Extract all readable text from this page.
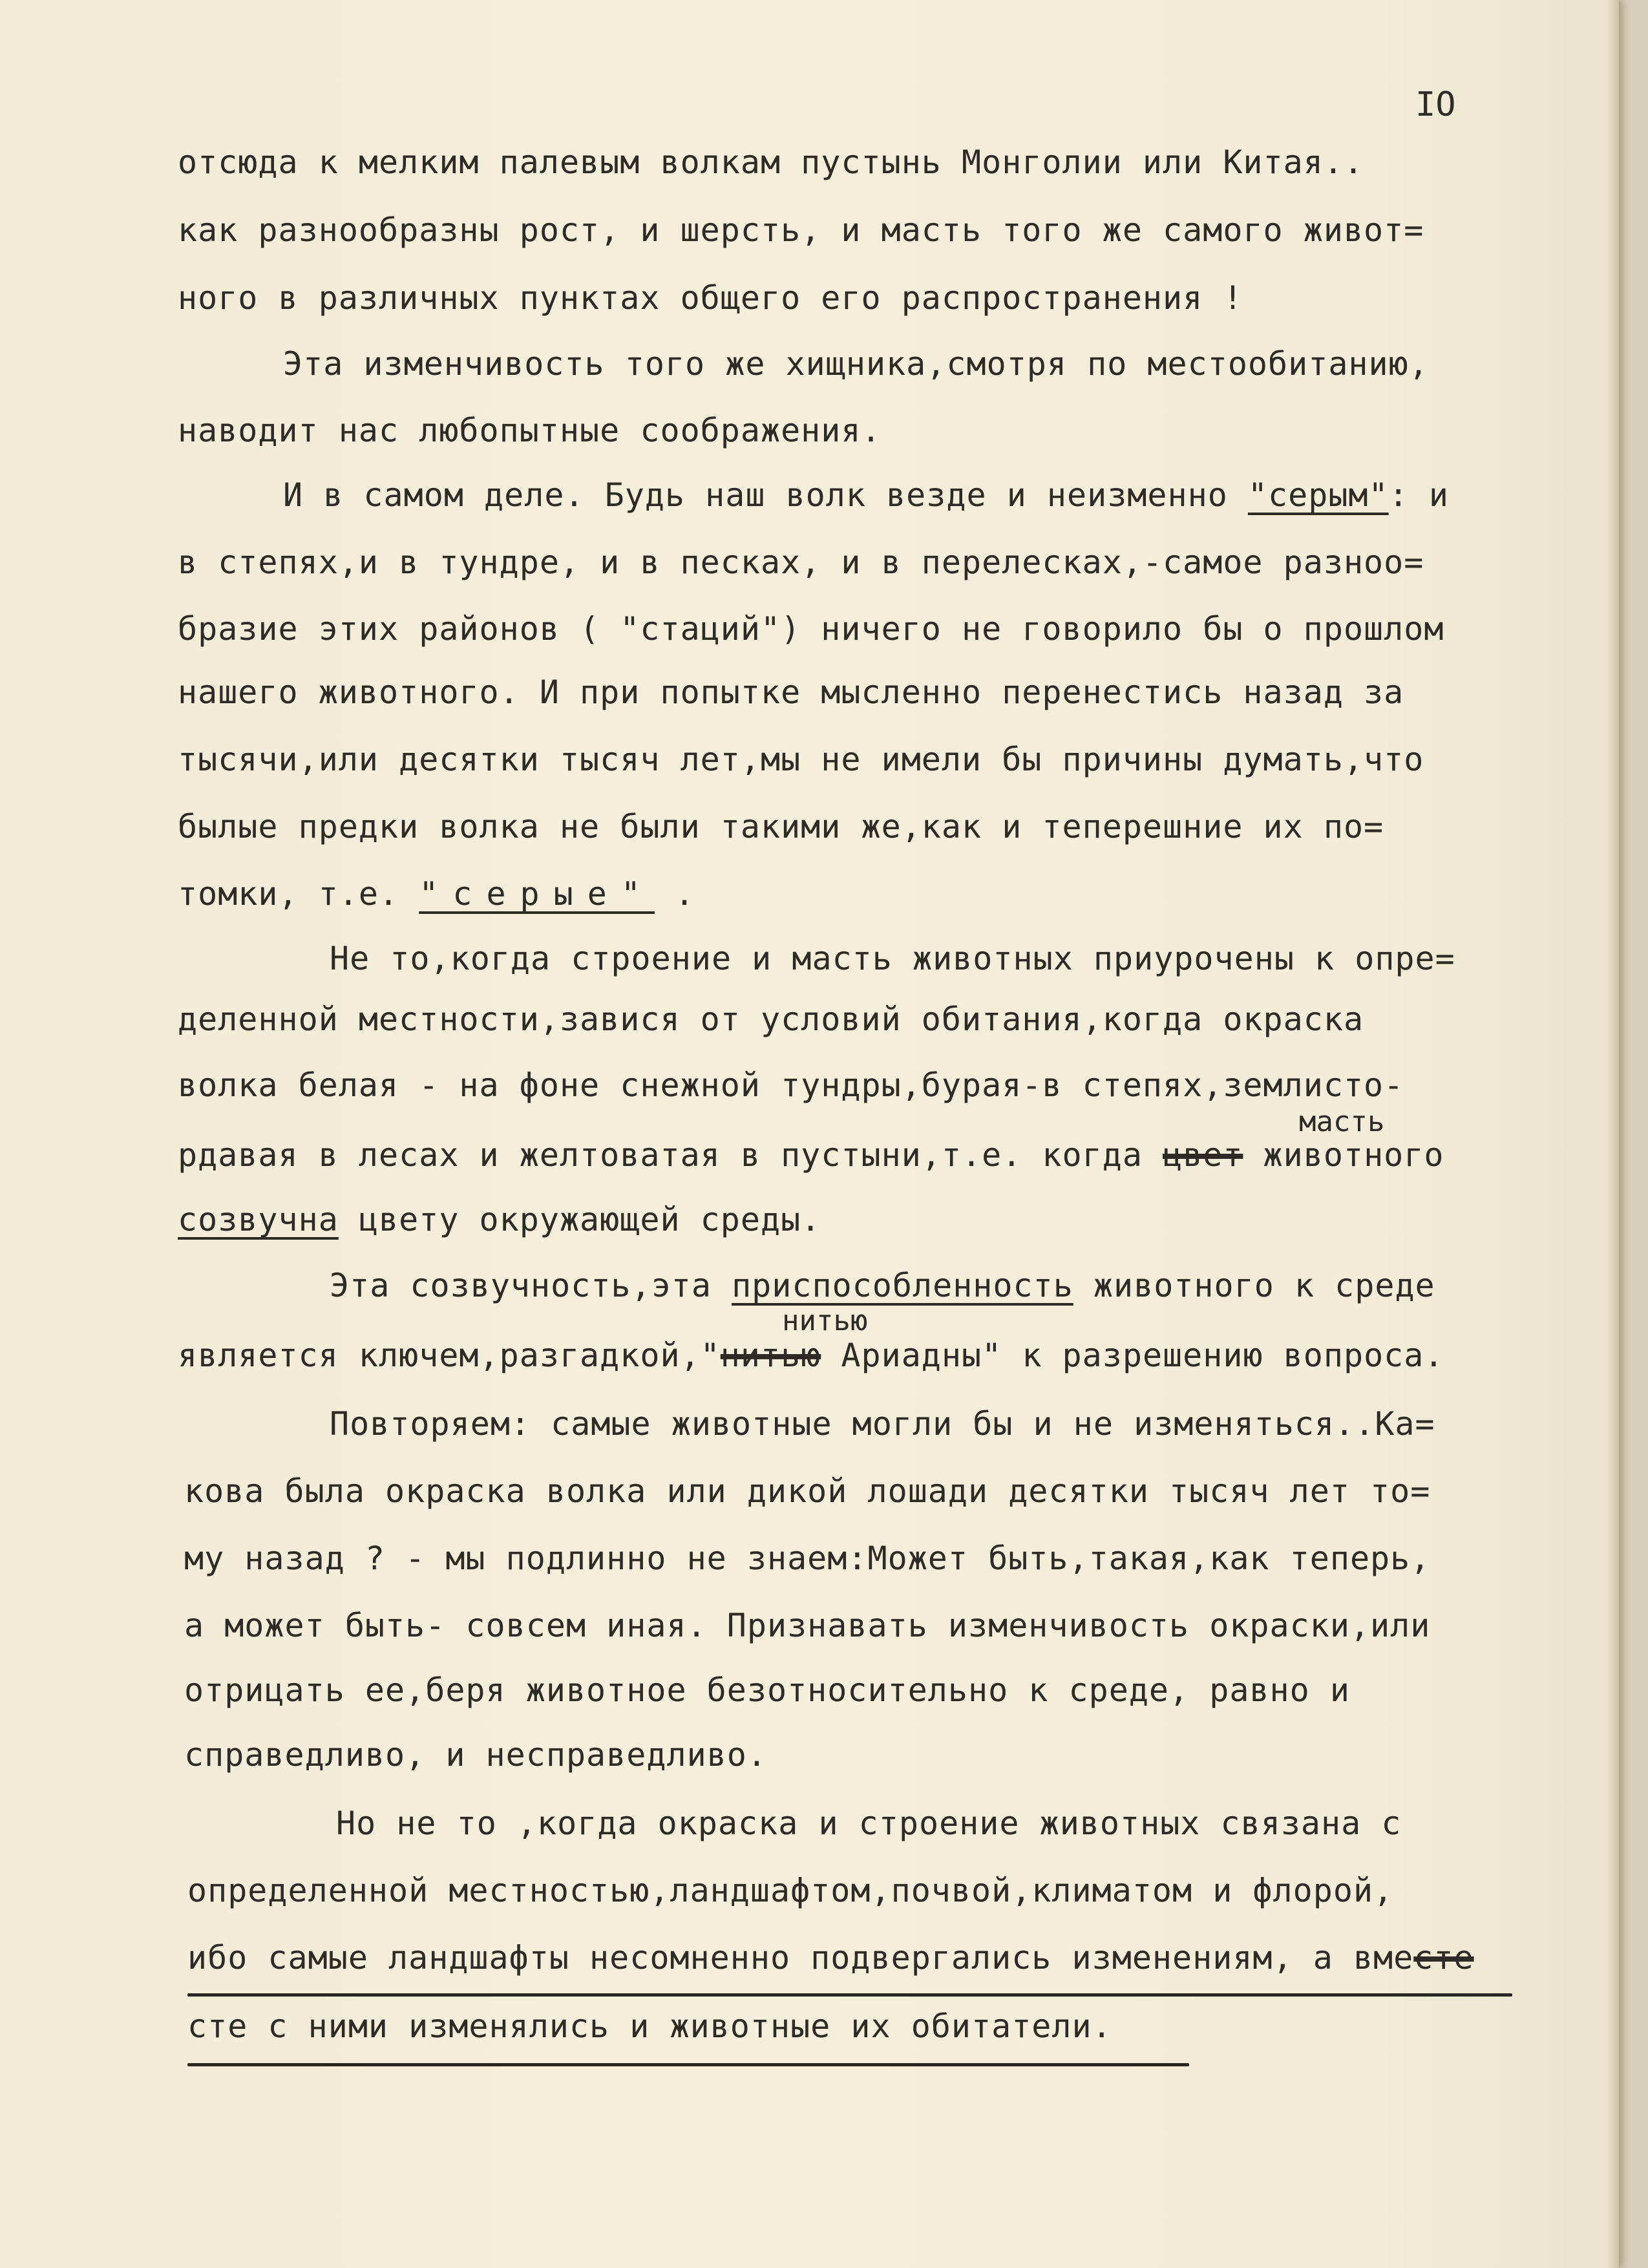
IO
отсюда к мелким палевым волкам пустынь Монголии или Китая..
как разнообразны рост, и шерсть, и масть того же самого живот=
ного в различных пунктах общего его распространения !
Эта изменчивость того же хищника,смотря по местообитанию,
наводит нас любопытные соображения.
И в самом деле. Будь наш волк везде и неизменно "серым": и
в степях,и в тундре, и в песках, и в перелесках,-самое разноо=
бразие этих районов ( "стаций") ничего не говорило бы о прошлом
нашего животного. И при попытке мысленно перенестись назад за
тысячи,или десятки тысяч лет,мы не имели бы причины думать,что
былые предки волка не были такими же,как и теперешние их по=
томки, т.е. "серые" .
Не то,когда строение и масть животных приурочены к опре=
деленной местности,завися от условий обитания,когда окраска
волка белая - на фоне снежной тундры,бурая-в степях,землисто-
масть
рдавая в лесах и желтоватая в пустыни,т.е. когда цвет животного
созвучна цвету окружающей среды.
Эта созвучность,эта приспособленность животного к среде
нитью
является ключем,разгадкой,"нитью Ариадны" к разрешению вопроса.
Повторяем: самые животные могли бы и не изменяться..Ка=
кова была окраска волка или дикой лошади десятки тысяч лет то=
му назад ? - мы подлинно не знаем:Может быть,такая,как теперь,
а может быть- совсем иная. Признавать изменчивость окраски,или
отрицать ее,беря животное безотносительно к среде, равно и
справедливо, и несправедливо.
Но не то ,когда окраска и строение животных связана с
определенной местностью,ландшафтом,почвой,климатом и флорой,
ибо самые ландшафты несомненно подвергались изменениям, а вместе
сте с ними изменялись и животные их обитатели.
